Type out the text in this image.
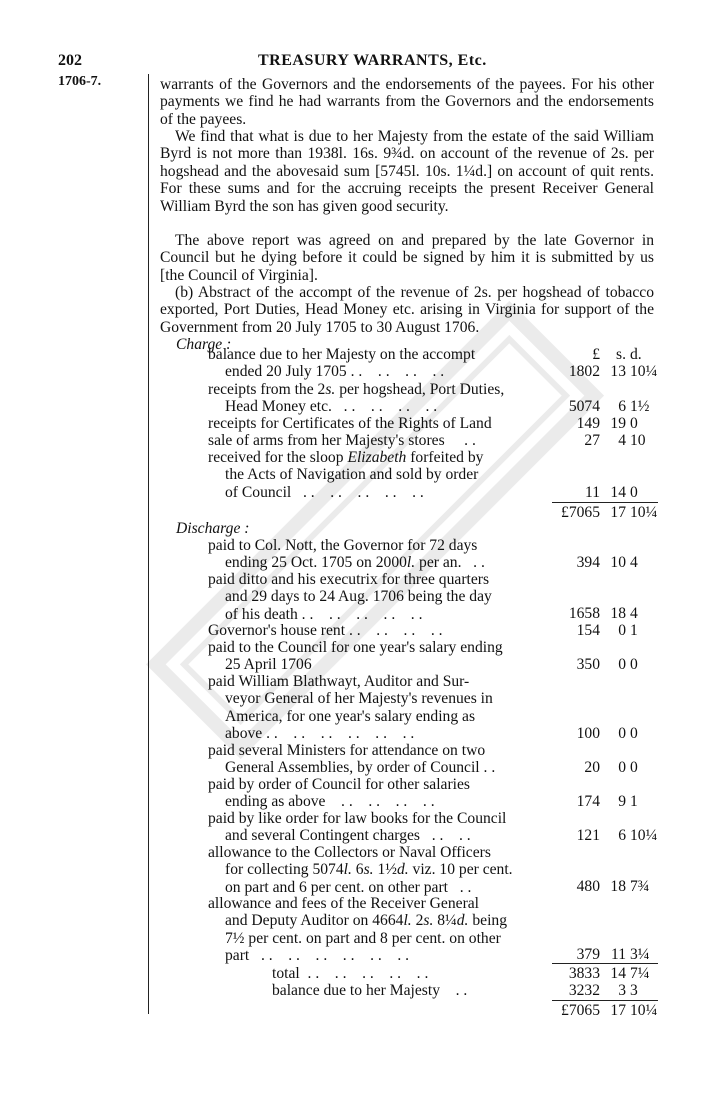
202	TREASURY WARRANTS, Etc.
1706-7.	warrants of the Governors and the endorsements of the payees. For his other payments we find he had warrants from the Governors and the endorsements of the payees.
We find that what is due to her Majesty from the estate of the said William Byrd is not more than 1938l. 16s. 9¾d. on account of the revenue of 2s. per hogshead and the abovesaid sum [5745l. 10s. 1¼d.] on account of quit rents. For these sums and for the accruing receipts the present Receiver General William Byrd the son has given good security.
The above report was agreed on and prepared by the late Governor in Council but he dying before it could be signed by him it is submitted by us [the Council of Virginia].
(b) Abstract of the accompt of the revenue of 2s. per hogshead of tobacco exported, Port Duties, Head Money etc. arising in Virginia for support of the Government from 20 July 1705 to 30 August 1706.
Charge :
£ s. d.
balance due to her Majesty on the accompt
ended 20 July 1705 . .    . .    . .    . .	1802 13 10¼
receipts from the 2s. per hogshead, Port Duties,
Head Money etc.   . .    . .    . .    . .	5074 6 1½
receipts for Certificates of the Rights of Land	149 19 0
sale of arms from her Majesty's stores     . .	27 4 10
received for the sloop Elizabeth forfeited by
the Acts of Navigation and sold by order
of Council   . .    . .    . .    . .    . .	11 14 0
£7065 17 10¼
Discharge :
paid to Col. Nott, the Governor for 72 days
ending 25 Oct. 1705 on 2000l. per an.   . .	394 10 4
paid ditto and his executrix for three quarters
and 29 days to 24 Aug. 1706 being the day
of his death . .    . .    . .    . .    . .	1658 18 4
Governor's house rent . .    . .    . .    . .	154 0 1
paid to the Council for one year's salary ending
25 April 1706	350 0 0
paid William Blathwayt, Auditor and Sur-
veyor General of her Majesty's revenues in
America, for one year's salary ending as
above . .    . .    . .    . .    . .    . .	100 0 0
paid several Ministers for attendance on two
General Assemblies, by order of Council . .	20 0 0
paid by order of Council for other salaries
ending as above    . .    . .    . .    . .	174 9 1
paid by like order for law books for the Council
and several Contingent charges   . .    . .	121 6 10¼
allowance to the Collectors or Naval Officers
for collecting 5074l. 6s. 1½d. viz. 10 per cent.
on part and 6 per cent. on other part   . .	480 18 7¾
allowance and fees of the Receiver General
and Deputy Auditor on 4664l. 2s. 8¼d. being
7½ per cent. on part and 8 per cent. on other
part   . .    . .    . .    . .    . .    . .	379 11 3¼
total  . .    . .    . .    . .    . .	3833 14 7¼
balance due to her Majesty    . .	3232 3 3
£7065 17 10¼
